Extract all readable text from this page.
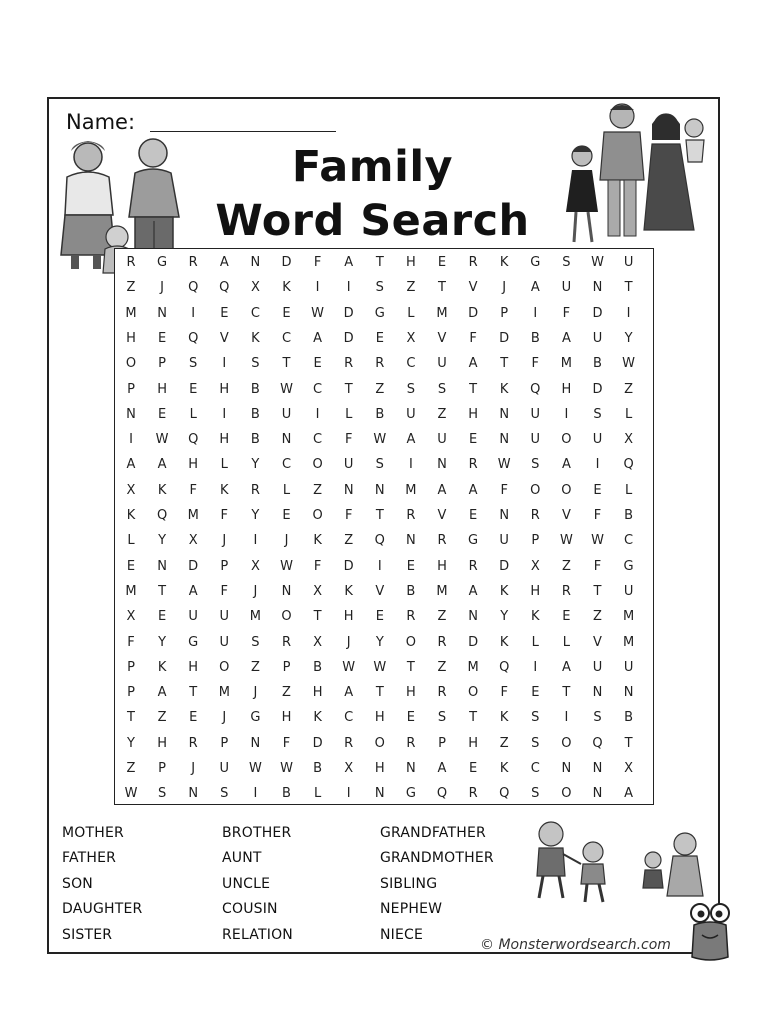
Name:
Family
Word Search
R	G	R	A	N	D	F	A	T	H	E	R	K	G	S	W	U
Z	J	Q	Q	X	K	I	I	S	Z	T	V	J	A	U	N	T
M	N	I	E	C	E	W	D	G	L	M	D	P	I	F	D	I
H	E	Q	V	K	C	A	D	E	X	V	F	D	B	A	U	Y
O	P	S	I	S	T	E	R	R	C	U	A	T	F	M	B	W
P	H	E	H	B	W	C	T	Z	S	S	T	K	Q	H	D	Z
N	E	L	I	B	U	I	L	B	U	Z	H	N	U	I	S	L
I	W	Q	H	B	N	C	F	W	A	U	E	N	U	O	U	X
A	A	H	L	Y	C	O	U	S	I	N	R	W	S	A	I	Q
X	K	F	K	R	L	Z	N	N	M	A	A	F	O	O	E	L
K	Q	M	F	Y	E	O	F	T	R	V	E	N	R	V	F	B
L	Y	X	J	I	J	K	Z	Q	N	R	G	U	P	W	W	C
E	N	D	P	X	W	F	D	I	E	H	R	D	X	Z	F	G
M	T	A	F	J	N	X	K	V	B	M	A	K	H	R	T	U
X	E	U	U	M	O	T	H	E	R	Z	N	Y	K	E	Z	M
F	Y	G	U	S	R	X	J	Y	O	R	D	K	L	L	V	M
P	K	H	O	Z	P	B	W	W	T	Z	M	Q	I	A	U	U
P	A	T	M	J	Z	H	A	T	H	R	O	F	E	T	N	N
T	Z	E	J	G	H	K	C	H	E	S	T	K	S	I	S	B
Y	H	R	P	N	F	D	R	O	R	P	H	Z	S	O	Q	T
Z	P	J	U	W	W	B	X	H	N	A	E	K	C	N	N	X
W	S	N	S	I	B	L	I	N	G	Q	R	Q	S	O	N	A
MOTHER
FATHER
SON
DAUGHTER
SISTER
BROTHER
AUNT
UNCLE
COUSIN
RELATION
GRANDFATHER
GRANDMOTHER
SIBLING
NEPHEW
NIECE
© Monsterwordsearch.com
